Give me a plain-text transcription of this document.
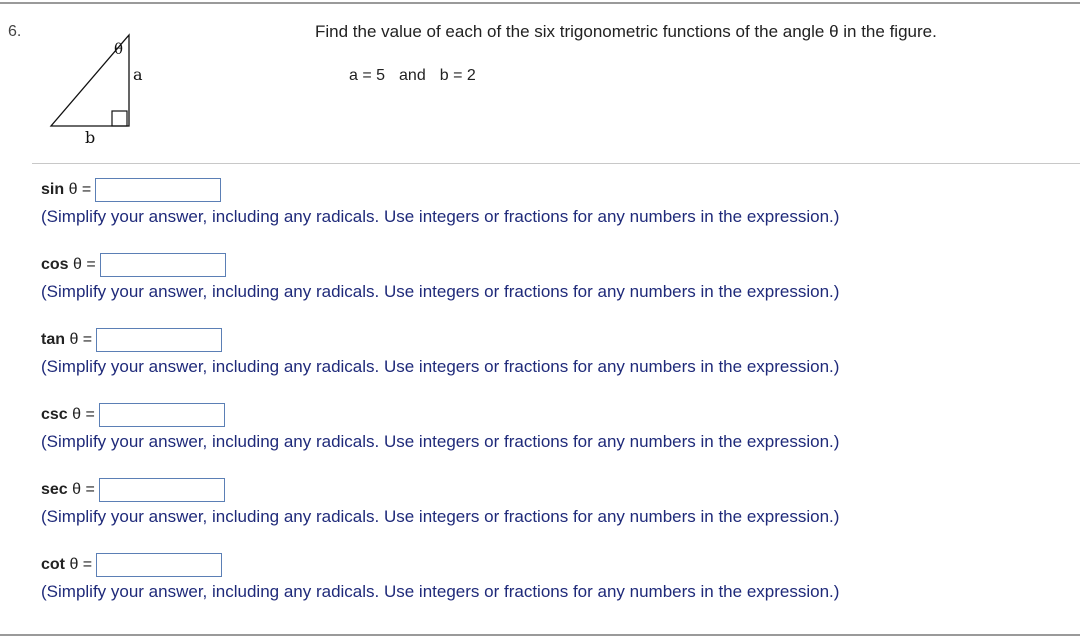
6.
θ
a
b
Find the value of each of the six trigonometric functions of the angle θ in the figure.
a = 5 and b = 2
sin θ =
(Simplify your answer, including any radicals. Use integers or fractions for any numbers in the expression.)
cos θ =
(Simplify your answer, including any radicals. Use integers or fractions for any numbers in the expression.)
tan θ =
(Simplify your answer, including any radicals. Use integers or fractions for any numbers in the expression.)
csc θ =
(Simplify your answer, including any radicals. Use integers or fractions for any numbers in the expression.)
sec θ =
(Simplify your answer, including any radicals. Use integers or fractions for any numbers in the expression.)
cot θ =
(Simplify your answer, including any radicals. Use integers or fractions for any numbers in the expression.)
